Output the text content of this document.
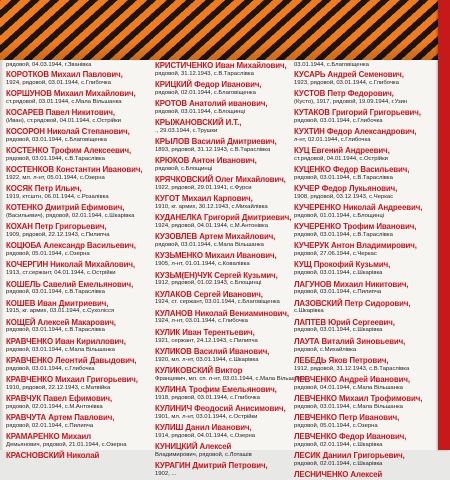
рядовой, 04.03.1944, г.Званівка
КОРОТКОВ Михаил Павлович,
1924, рядовой, 03.01.1944, с.Глибочка
КОРШУНОВ Михаил Михайлович,
ст.рядовой, 03.01.1944, с.Мала Вільшанка
КОСАРЕВ Павел Никитович,
(Иван), ст.рядовой, 04.01.1944, с.Острійки
КОСОРОН Николай Степанович,
рядовой, 03.01.1944, с.Благовіщенка
КОСТЕНКО Трофим Алексеевич,
рядовой, 03.01.1944, с.В.Тараслівка
КОСТЕНКОВ Константин Иванович,
1922, мл. л-нт, 05.01.1944, с.Озерна
КОСЯК Петр Ильич,
1919, ктсштн, 06.01.1944, с.Розалівка
КОТЕНКО Дмитрий Ефимович,
(Васильевич), рядовой, 02.01.1944, с.Шкарівка
КОХАН Петр Григорьевич,
1909, рядовой, 22.12.1943, с.Пилипча
КОЦЮБА Александр Васильевич,
рядовой, 05.01.1944, с.Озерна
КОЧЕРГИН Николай Михайлович,
1913, ст.сержант, 04.01.1944, с.Острійки
КОШЕЛЬ Савелий Емельянович,
рядовой, 03.01.1944, с.В.Тараслівка
КОШЕВ Иван Дмитриевич,
1915, кг. армих, 03.01.1944, с.Сухолісся
КОЩЕЙ Алексей Макарович,
рядовой, 03.01.1944, с.В.Тараслівка
КРАВЧЕНКО Иван Кириллович,
рядовой, 03.01.1944, с.Мала Вільшанка
КРАВЧЕНКО Леонтий Давыдович,
рядовой, 03.01.1944, с.Глибочка
КРАВЧЕНКО Михаил Григорьевич,
1910, рядовой, 22.12.1943, с.Матвійка
КРАВЧУК Павел Ефимович,
рядовой, 02.01.1944, с.М.Антонівка
КРАВЧУТА Артем Павлович,
рядовой, 02.01.1944, с.Пилипча
КРАМАРЕНКО Михаил
Демьянович, рядовой, 21.01.1944, с.Озерна
КРАСНОВСКИЙ Николай
КРИСТИЧЕНКО Иван Михайлович,
рядовой, 31.12.1943, с.В.Тараслівка
КРИЦКИЙ Федор Иванович,
рядовой, 02.01.1944, с.Благовіщенка
КРОТОВ Анатолий иванович,
рядовой, 03.01.1944, с.Блощинці
КРЫЖАНОВСКИЙ И.Т.,
., 29.03.1944, с.Трушки
КРЫЛОВ Василий Дмитриевич,
1893, рядовой, 31.12.1943, с.В.Тараслівка
КРЮКОВ Антон Иванович,
рядовой, с.Блощинці
КРЯЧКОВСКИЙ Олег Михайлович,
1922, рядовой, 29.01.1941, с.Фурси
КУГОТ Михаил Карпович,
1910, кг. армих, 30.12.1943, с.Михайлівка
КУДАНЕЛКА Григорий Дмитриевич,
1924, рядовой, 04.01.1944, с.М.Антонівка
КУЗОВЛЕВ Артем Михайлович,
рядовой, 03.01.1944, с.Мала Вільшанка
КУЗЬМЕНКО Михаил Иванович,
1905, л-нт, 01.01.1944, с.Ковалівка
КУЗЬМ(ЕН)ЧУК Сергей Кузьмич,
1912, рядовой, 01.02.1943, с.Блощинці
КУЛАКОВ Сергей Иванович,
1924, ст. сержант, 03.01.1944, с.Благовіщенка
КУЛАНОВ Николай Вениаминович,
1924, л-нт, 03.01.1944, с.Глибочка
КУЛИК Иван Терентьевич,
1921, сержант, 24.12.1943, с.Пилипча
КУЛИКОВ Василий Иванович,
1920, мл. л-нт, 03.01.1944, с.Шкарівка
КУЛИКОВСКИЙ Виктор
Францевич, мл. сп. л-нт, 03.01.1944, с.Мала Вільшанка
КУЛИНА Трофим Емельянович,
1918, рядовой, 03.01.1944, с.Глибочка
КУЛИНИЧ Феодосий Анисимович,
1901, мл. л-нт, 03.01.1944, с.Острійки
КУЛИШ Данил Иванович,
1914, рядовой, 04.01.1944, с.Озерна
КУНИЦКИЙ Алексей
Владимирович, рядовой, с.Лоташів
КУРАГИН Дмитрий Петрович,
1902, ...
03.01.1944, с.Благовіщенка
КУСАРЬ Андрей Семенович,
1923, рядовой, 03.01.1944, с.Глибочка
КУСТОВ Петр Федорович,
(Кусто), 1917, рядовой, 19.09.1944, г.Узин
КУТАКОВ Григорий Григорьевич,
рядовой, 03.01.1944, с.Глибочка
КУХТИН Федор Александрович,
л-нт, 02.01.1944, с.Глибочка
КУЦ Евгений Андреевич,
ст.рядовой, 04.01.1944, с.Острійки
КУЦЕНКО Федор Васильевич,
рядовой, 03.01.1944, с.В.Тараслівка
КУЧЕР Федор Лукьянович,
1908, рядовой, 03.12.1943, с.Черкас
КУЧЕРЕНКО Николай Андреевич,
рядовой, 01.01.1944, с.Блощинці
КУЧЕРЕНКО Трофим Иванович,
рядовой, 03.01.1944, с.В.Тараслівка
КУЧЕРУК Антон Владимирович,
рядовой, 27.06.1944, с.Черкас
КУЩ Прокофий Кузьмич,
рядовой, 03.01.1944, с.Шкарівка
ЛАГУНОВ Михаил Никитович,
рядовой, 03.01.1944, с.Пилипча
ЛАЗОВСКИЙ Петр Сидорович,
с.Шкарівка
ЛАПТЕВ Юрий Сергеевич,
рядовой, 03.01.1944, с.Шкарівка
ЛАУТА Виталий Зиновьевич,
рядовой, с.Михайлівка
ЛЕБЕДЬ Яков Петрович,
1912, рядовой, 31.12.1943, с.В.Тараслівка
ЛЕВЧЕНКО Андрей Иванович,
рядовой, 04.01.1944, с.Мала Вільшанка
ЛЕВЧЕНКО Михаил Трофимович,
рядовой, 03.01.1944, с.Мала Вільшанка
ЛЕВЧЕНКО Петр Иванович,
рядовой, 05.01.1944, с.Озерна
ЛЕВЧЕНКО Федор Иванович,
рядовой, 02.01.1944, с.Шкарівка
ЛЕСИК Даниил Григорьевич,
рядовой, 02.01.1944, с.Шкарівка
ЛЕСНИЧЕНКО Алексей
